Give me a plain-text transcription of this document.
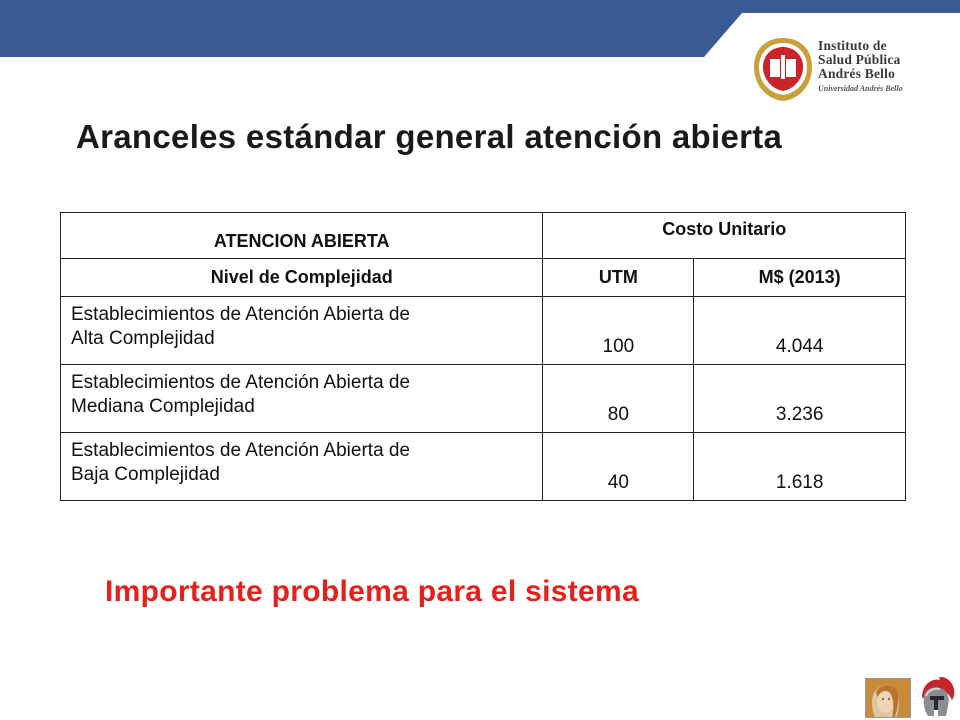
Instituto de
Salud Pública
Andrés Bello
Universidad Andrés Bello
Aranceles estándar general atención abierta
ATENCION ABIERTA	Costo Unitario	
Nivel de Complejidad	UTM	M$ (2013)

Establecimientos de Atención Abierta de
Alta Complejidad	100	4.044

Establecimientos de Atención Abierta de
Mediana Complejidad	80	3.236

Establecimientos de Atención Abierta de
Baja Complejidad	40	1.618
Importante problema para el sistema
